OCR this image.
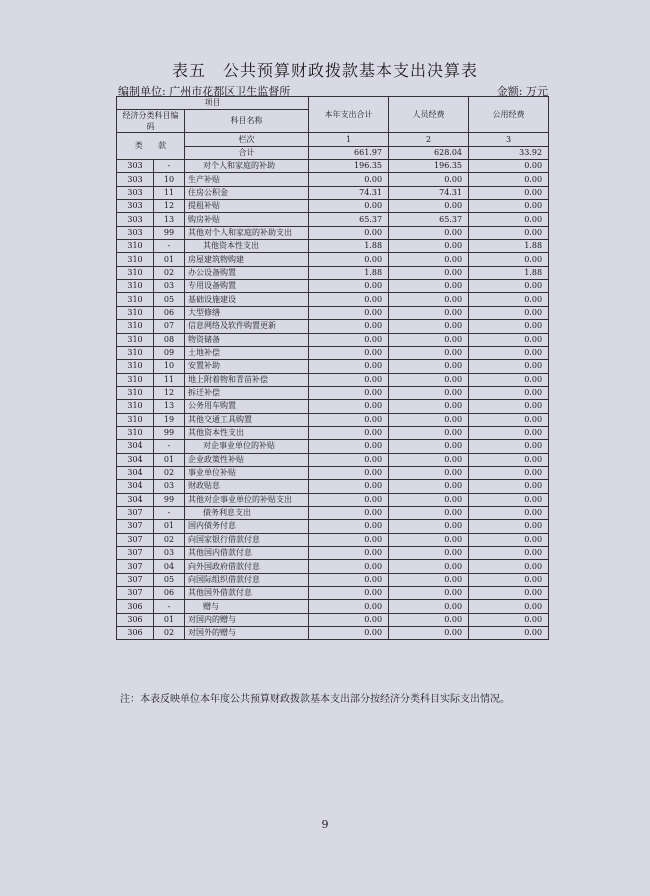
表五　公共预算财政拨款基本支出决算表
编制单位: 广州市花都区卫生监督所	金额: 万元
项目			本年支出合计	人员经费	公用经费
经济分类科目编码		科目名称			

类 款		栏次	1	2	3
		合计	661.97	628.04	33.92
303	-	对个人和家庭的补助	196.35	196.35	0.00
303	10	生产补贴	0.00	0.00	0.00
303	11	住房公积金	74.31	74.31	0.00
303	12	提租补贴	0.00	0.00	0.00
303	13	购房补贴	65.37	65.37	0.00
303	99	其他对个人和家庭的补助支出	0.00	0.00	0.00
310	-	其他资本性支出	1.88	0.00	1.88
310	01	房屋建筑物购建	0.00	0.00	0.00
310	02	办公设备购置	1.88	0.00	1.88
310	03	专用设备购置	0.00	0.00	0.00
310	05	基础设施建设	0.00	0.00	0.00
310	06	大型修缮	0.00	0.00	0.00
310	07	信息网络及软件购置更新	0.00	0.00	0.00
310	08	物资储备	0.00	0.00	0.00
310	09	土地补偿	0.00	0.00	0.00
310	10	安置补助	0.00	0.00	0.00
310	11	地上附着物和青苗补偿	0.00	0.00	0.00
310	12	拆迁补偿	0.00	0.00	0.00
310	13	公务用车购置	0.00	0.00	0.00
310	19	其他交通工具购置	0.00	0.00	0.00
310	99	其他资本性支出	0.00	0.00	0.00
304	-	对企事业单位的补贴	0.00	0.00	0.00
304	01	企业政策性补贴	0.00	0.00	0.00
304	02	事业单位补贴	0.00	0.00	0.00
304	03	财政贴息	0.00	0.00	0.00
304	99	其他对企事业单位的补贴支出	0.00	0.00	0.00
307	-	债务利息支出	0.00	0.00	0.00
307	01	国内债务付息	0.00	0.00	0.00
307	02	向国家银行借款付息	0.00	0.00	0.00
307	03	其他国内借款付息	0.00	0.00	0.00
307	04	向外国政府借款付息	0.00	0.00	0.00
307	05	向国际组织借款付息	0.00	0.00	0.00
307	06	其他国外借款付息	0.00	0.00	0.00
306	-	赠与	0.00	0.00	0.00
306	01	对国内的赠与	0.00	0.00	0.00
306	02	对国外的赠与	0.00	0.00	0.00
注：本表反映单位本年度公共预算财政拨款基本支出部分按经济分类科目实际支出情况。
9
